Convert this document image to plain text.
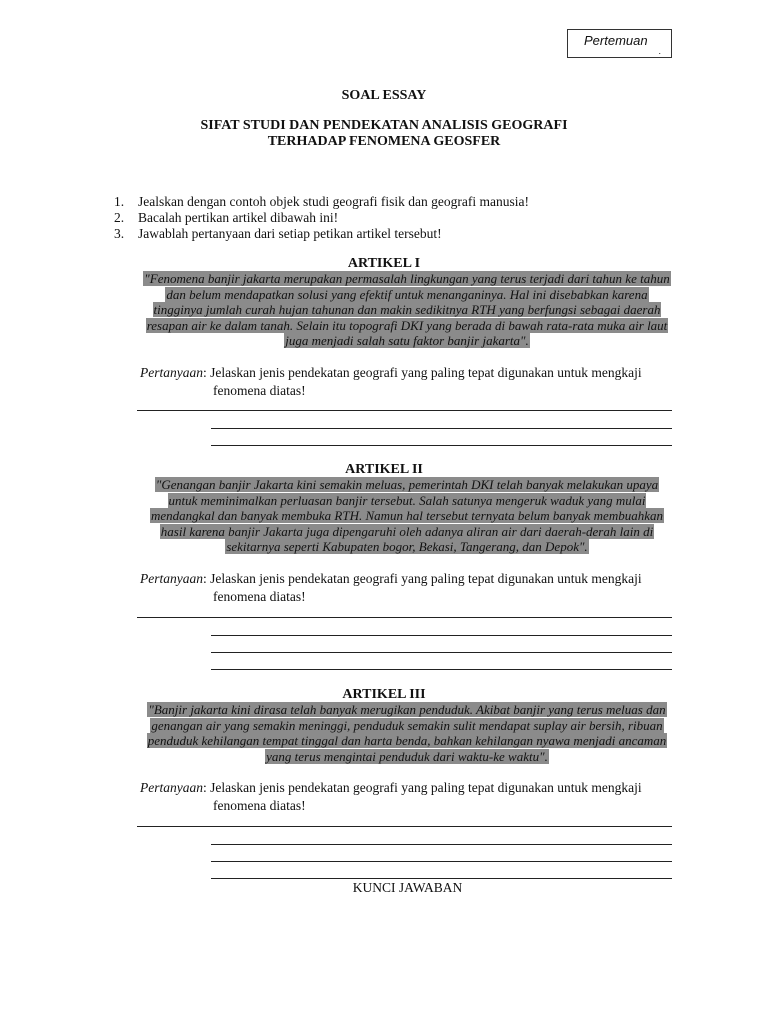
Pertemuan
.
SOAL ESSAY
SIFAT STUDI DAN PENDEKATAN ANALISIS GEOGRAFI
TERHADAP FENOMENA GEOSFER
1. Jealskan dengan contoh objek studi geografi fisik dan geografi manusia!
2. Bacalah pertikan artikel dibawah ini!
3. Jawablah pertanyaan dari setiap petikan artikel tersebut!
ARTIKEL I
"Fenomena banjir jakarta merupakan permasalah lingkungan yang terus terjadi dari tahun ke tahun dan belum mendapatkan solusi yang efektif untuk menanganinya. Hal ini disebabkan karena tingginya jumlah curah hujan tahunan dan makin sedikitnya RTH yang berfungsi sebagai daerah resapan air ke dalam tanah. Selain itu topografi DKI yang berada di bawah rata-rata muka air laut juga menjadi salah satu faktor banjir jakarta".
Pertanyaan: Jelaskan jenis pendekatan geografi yang paling tepat digunakan untuk mengkaji
fenomena diatas!
ARTIKEL II
"Genangan banjir Jakarta kini semakin meluas, pemerintah DKI telah banyak melakukan upaya untuk meminimalkan perluasan banjir tersebut. Salah satunya mengeruk waduk yang mulai mendangkal dan banyak membuka RTH. Namun hal tersebut ternyata belum banyak membuahkan hasil karena banjir Jakarta juga dipengaruhi oleh adanya aliran air dari daerah-derah lain di sekitarnya seperti Kabupaten bogor, Bekasi, Tangerang, dan Depok".
Pertanyaan: Jelaskan jenis pendekatan geografi yang paling tepat digunakan untuk mengkaji
fenomena diatas!
ARTIKEL III
"Banjir jakarta kini dirasa telah banyak merugikan penduduk. Akibat banjir yang terus meluas dan genangan air yang semakin meninggi, penduduk semakin sulit mendapat suplay air bersih, ribuan penduduk kehilangan tempat tinggal dan harta benda, bahkan kehilangan nyawa menjadi ancaman yang terus mengintai penduduk dari waktu-ke waktu".
Pertanyaan: Jelaskan jenis pendekatan geografi yang paling tepat digunakan untuk mengkaji
fenomena diatas!
KUNCI JAWABAN
